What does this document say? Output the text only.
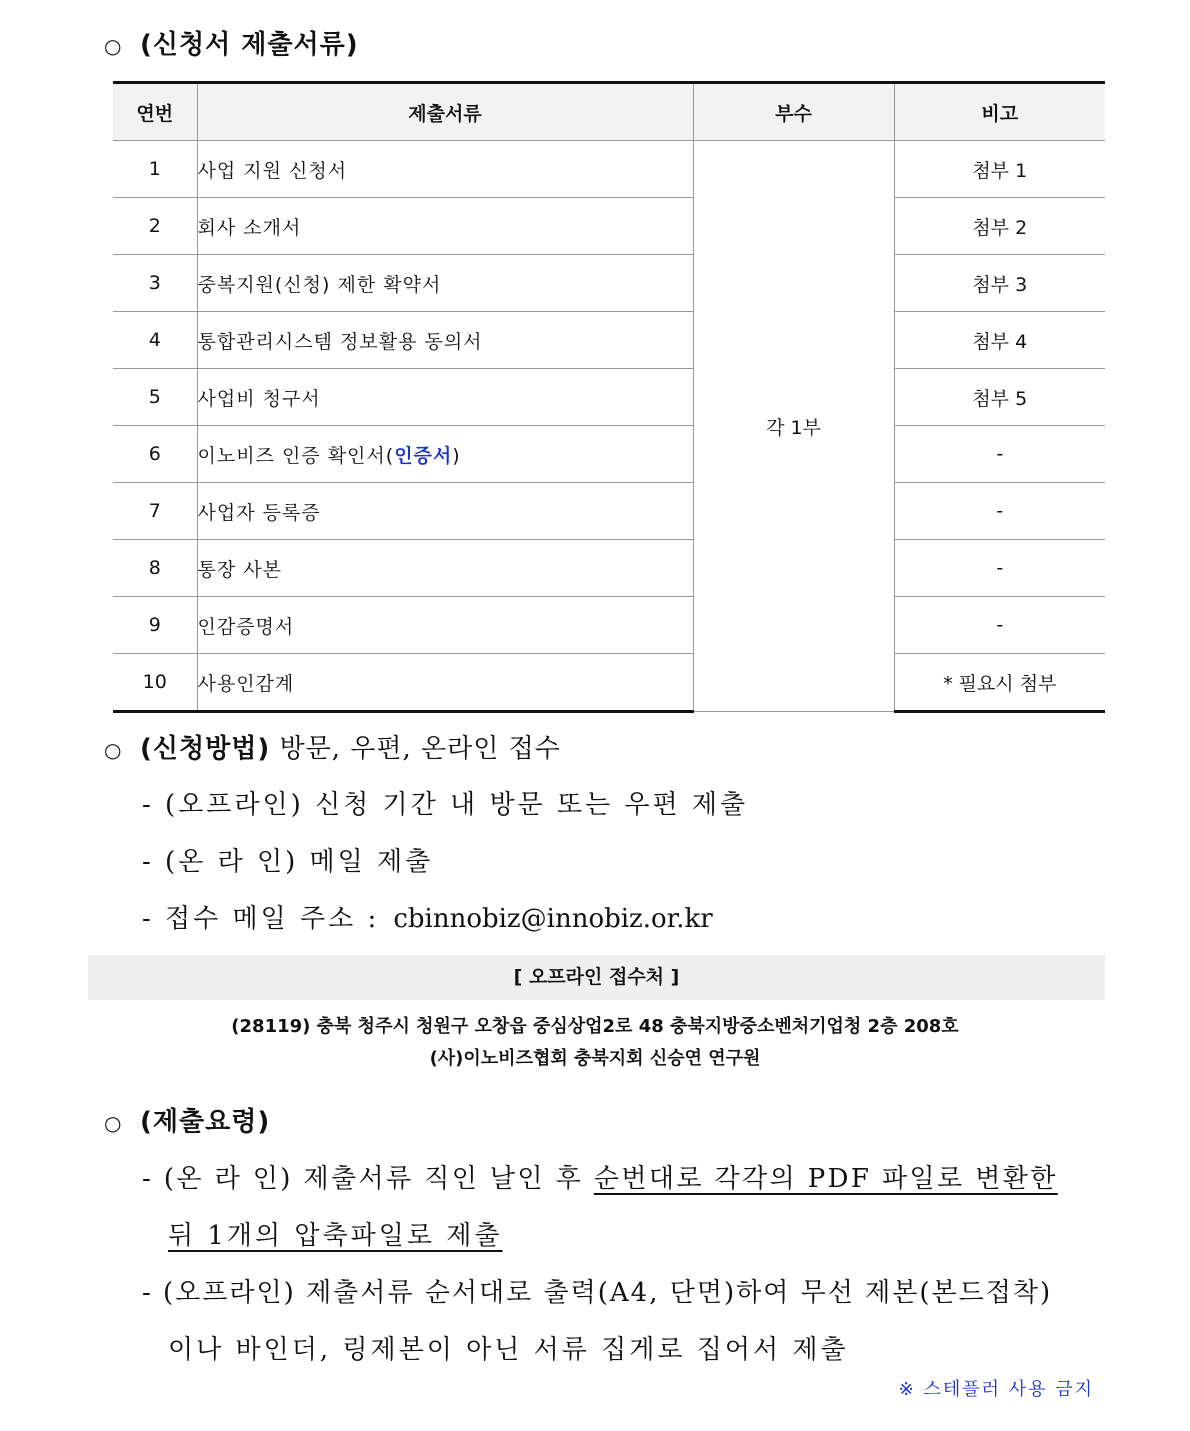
○ (신청서 제출서류)
연번	제출서류	부수	비고
1	사업 지원 신청서	각 1부	첨부 1
2	회사 소개서		첨부 2
3	중복지원(신청) 제한 확약서		첨부 3
4	통합관리시스템 정보활용 동의서		첨부 4
5	사업비 청구서		첨부 5
6	이노비즈 인증 확인서(인증서)		-
7	사업자 등록증		-
8	통장 사본		-
9	인감증명서		-
10	사용인감계		* 필요시 첨부
○ (신청방법) 방문, 우편, 온라인 접수
- (오프라인) 신청 기간 내 방문 또는 우편 제출
- (온 라 인) 메일 제출
- 접수 메일 주소 : cbinnobiz@innobiz.or.kr
[ 오프라인 접수처 ]
(28119) 충북 청주시 청원구 오창읍 중심상업2로 48 충북지방중소벤처기업청 2층 208호
(사)이노비즈협회 충북지회 신승연 연구원
○ (제출요령)
- (온 라 인) 제출서류 직인 날인 후 순번대로 각각의 PDF 파일로 변환한
뒤 1개의 압축파일로 제출
- (오프라인) 제출서류 순서대로 출력(A4, 단면)하여 무선 제본(본드접착)
이나 바인더, 링제본이 아닌 서류 집게로 집어서 제출
※ 스테플러 사용 금지
